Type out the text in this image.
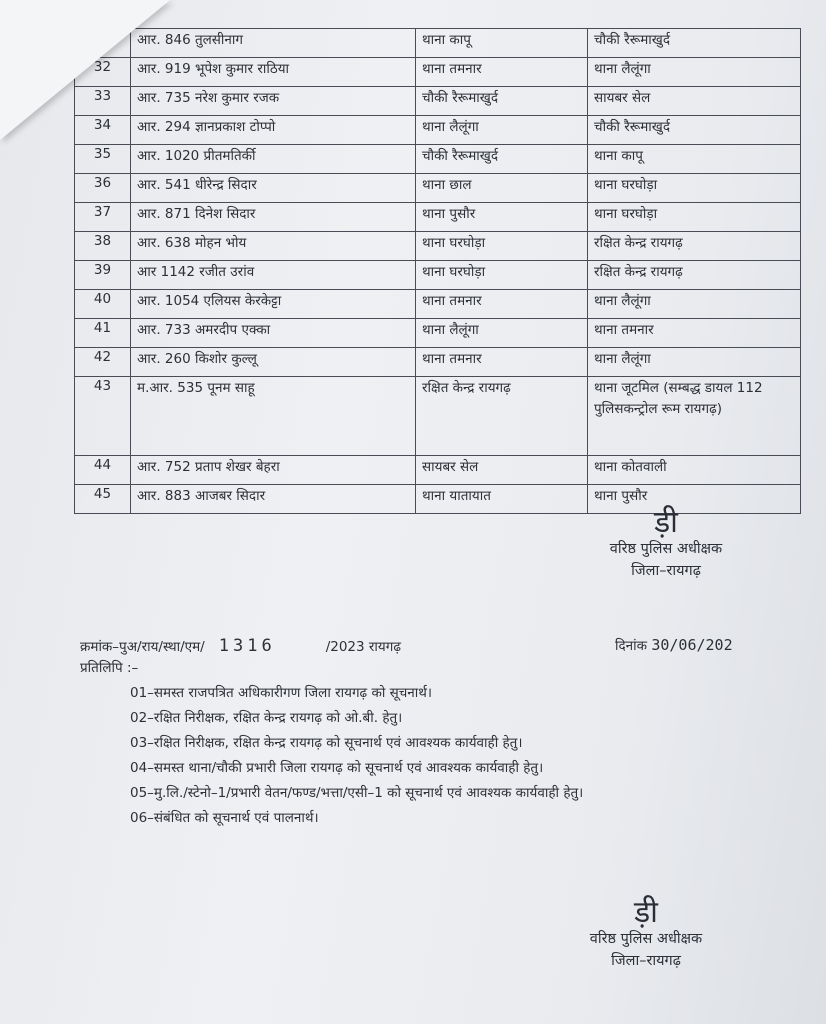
31	आर. 846 तुलसीनाग	थाना कापू	चौकी रैरूमाखुर्द
32	आर. 919 भूपेश कुमार राठिया	थाना तमनार	थाना लैलूंगा
33	आर. 735 नरेश कुमार रजक	चौकी रैरूमाखुर्द	सायबर सेल
34	आर. 294 ज्ञानप्रकाश टोप्पो	थाना लैलूंगा	चौकी रैरूमाखुर्द
35	आर. 1020 प्रीतमतिर्की	चौकी रैरूमाखुर्द	थाना कापू
36	आर. 541 धीरेन्द्र सिदार	थाना छाल	थाना घरघोड़ा
37	आर. 871 दिनेश सिदार	थाना पुसौर	थाना घरघोड़ा
38	आर. 638 मोहन भोय	थाना घरघोड़ा	रक्षित केन्द्र रायगढ़
39	आर 1142 रजीत उरांव	थाना घरघोड़ा	रक्षित केन्द्र रायगढ़
40	आर. 1054 एलियस केरकेट्टा	थाना तमनार	थाना लैलूंगा
41	आर. 733 अमरदीप एक्का	थाना लैलूंगा	थाना तमनार
42	आर. 260 किशोर कुल्लू	थाना तमनार	थाना लैलूंगा
43	म.आर. 535 पूनम साहू	रक्षित केन्द्र रायगढ़	थाना जूटमिल (सम्बद्ध डायल 112 पुलिसकन्ट्रोल रूम रायगढ़)
44	आर. 752 प्रताप शेखर बेहरा	सायबर सेल	थाना कोतवाली
45	आर. 883 आजबर सिदार	थाना यातायात	थाना पुसौर
ड़ी
वरिष्ठ पुलिस अधीक्षक
जिला–रायगढ़
क्रमांक–पुअ/राय/स्था/एम/ 1316	/2023 रायगढ़	दिनांक 30/06/202
प्रतिलिपि :–
01–समस्त राजपत्रित अधिकारीगण जिला रायगढ़ को सूचनार्थ।
02–रक्षित निरीक्षक, रक्षित केन्द्र रायगढ़ को ओ.बी. हेतु।
03–रक्षित निरीक्षक, रक्षित केन्द्र रायगढ़ को सूचनार्थ एवं आवश्यक कार्यवाही हेतु।
04–समस्त थाना/चौकी प्रभारी जिला रायगढ़ को सूचनार्थ एवं आवश्यक कार्यवाही हेतु।
05–मु.लि./स्टेनो–1/प्रभारी वेतन/फण्ड/भत्ता/एसी–1 को सूचनार्थ एवं आवश्यक कार्यवाही हेतु।
06–संबंधित को सूचनार्थ एवं पालनार्थ।
ड़ी
वरिष्ठ पुलिस अधीक्षक
जिला–रायगढ़
